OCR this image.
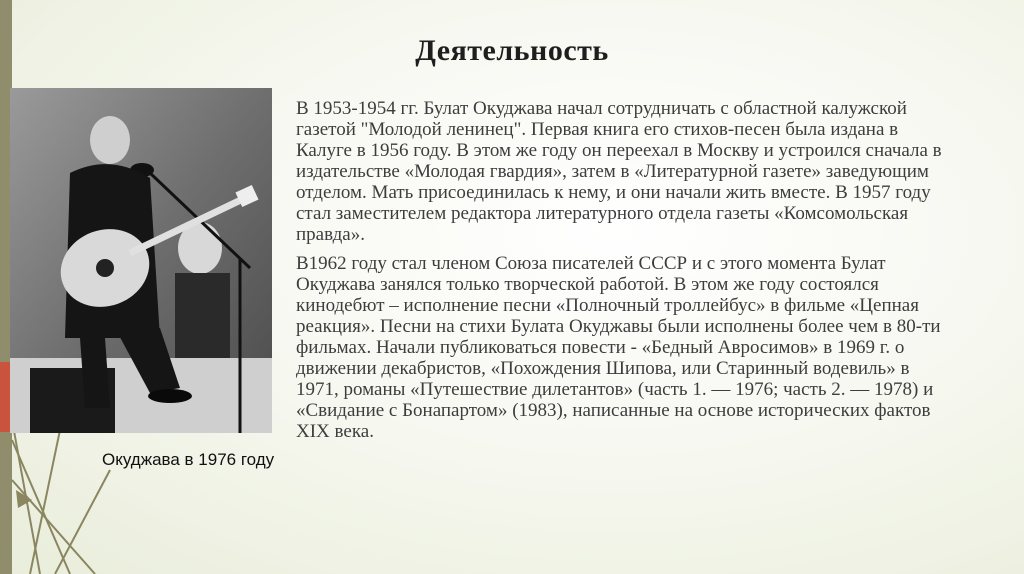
Деятельность
Окуджава в 1976 году

В 1953-1954 гг. Булат Окуджава начал сотрудничать с областной калужской
газетой "Молодой ленинец". Первая книга его стихов-песен была издана в
Калуге в 1956 году. В этом же году он переехал в Москву и устроился сначала в
издательстве «Молодая гвардия», затем в «Литературной газете» заведующим
отделом. Мать присоединилась к нему, и они начали жить вместе. В 1957 году
стал заместителем редактора литературного отдела газеты «Комсомольская
правда».

В1962 году стал членом Союза писателей СССР и с этого момента Булат
Окуджава занялся только творческой работой. В этом же году состоялся
кинодебют – исполнение песни «Полночный троллейбус» в фильме «Цепная
реакция». Песни на стихи Булата Окуджавы были исполнены более чем в 80-ти
фильмах. Начали публиковаться повести - «Бедный Авросимов» в 1969 г. о
движении декабристов, «Похождения Шипова, или Старинный водевиль» в
1971, романы «Путешествие дилетантов» (часть 1. — 1976; часть 2. — 1978) и
«Свидание с Бонапартом» (1983), написанные на основе исторических фактов
XIX века.
